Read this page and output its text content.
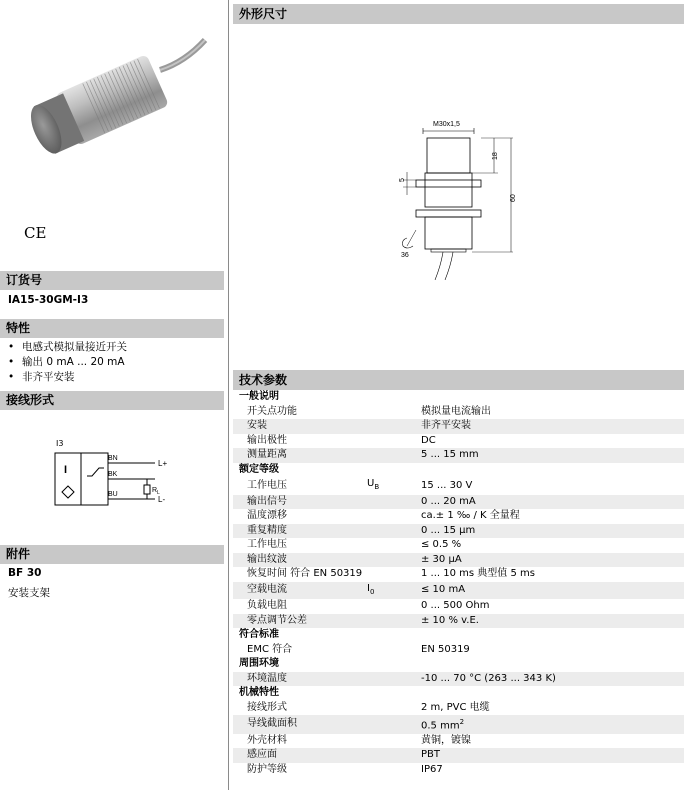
CE
订货号
IA15-30GM-I3
特性
• 电感式模拟量接近开关
• 输出 0 mA ... 20 mA
• 非齐平安装
接线形式
I3
I
BN
BK
BU
L+
L-
R L
附件
BF 30
安装支架
外形尺寸
M30x1,5
18
60
5
36
技术参数
一般说明		
开关点功能		模拟量电流输出
安装		非齐平安装
输出极性		DC
测量距离		5 ... 15 mm
额定等级		
工作电压	$U_B$	15 ... 30 V
输出信号		0 ... 20 mA
温度漂移		ca.± 1 ‰ / K 全量程
重复精度		0 ... 15 µm
工作电压		≤ 0.5 %
输出纹波		± 30 µA
恢复时间 符合 EN 50319		1 ... 10 ms 典型值 5 ms
空载电流	$I_0$	≤ 10 mA
负载电阻		0 ... 500 Ohm
零点调节公差		± 10 % v.E.
符合标准		
EMC 符合		EN 50319
周围环境		
环境温度		-10 ... 70 °C (263 ... 343 K)
机械特性		
接线形式		2 m, PVC 电缆
导线截面积		0.5 $mm^2$
外壳材料		黄铜，镀镍
感应面		PBT
防护等级		IP67
